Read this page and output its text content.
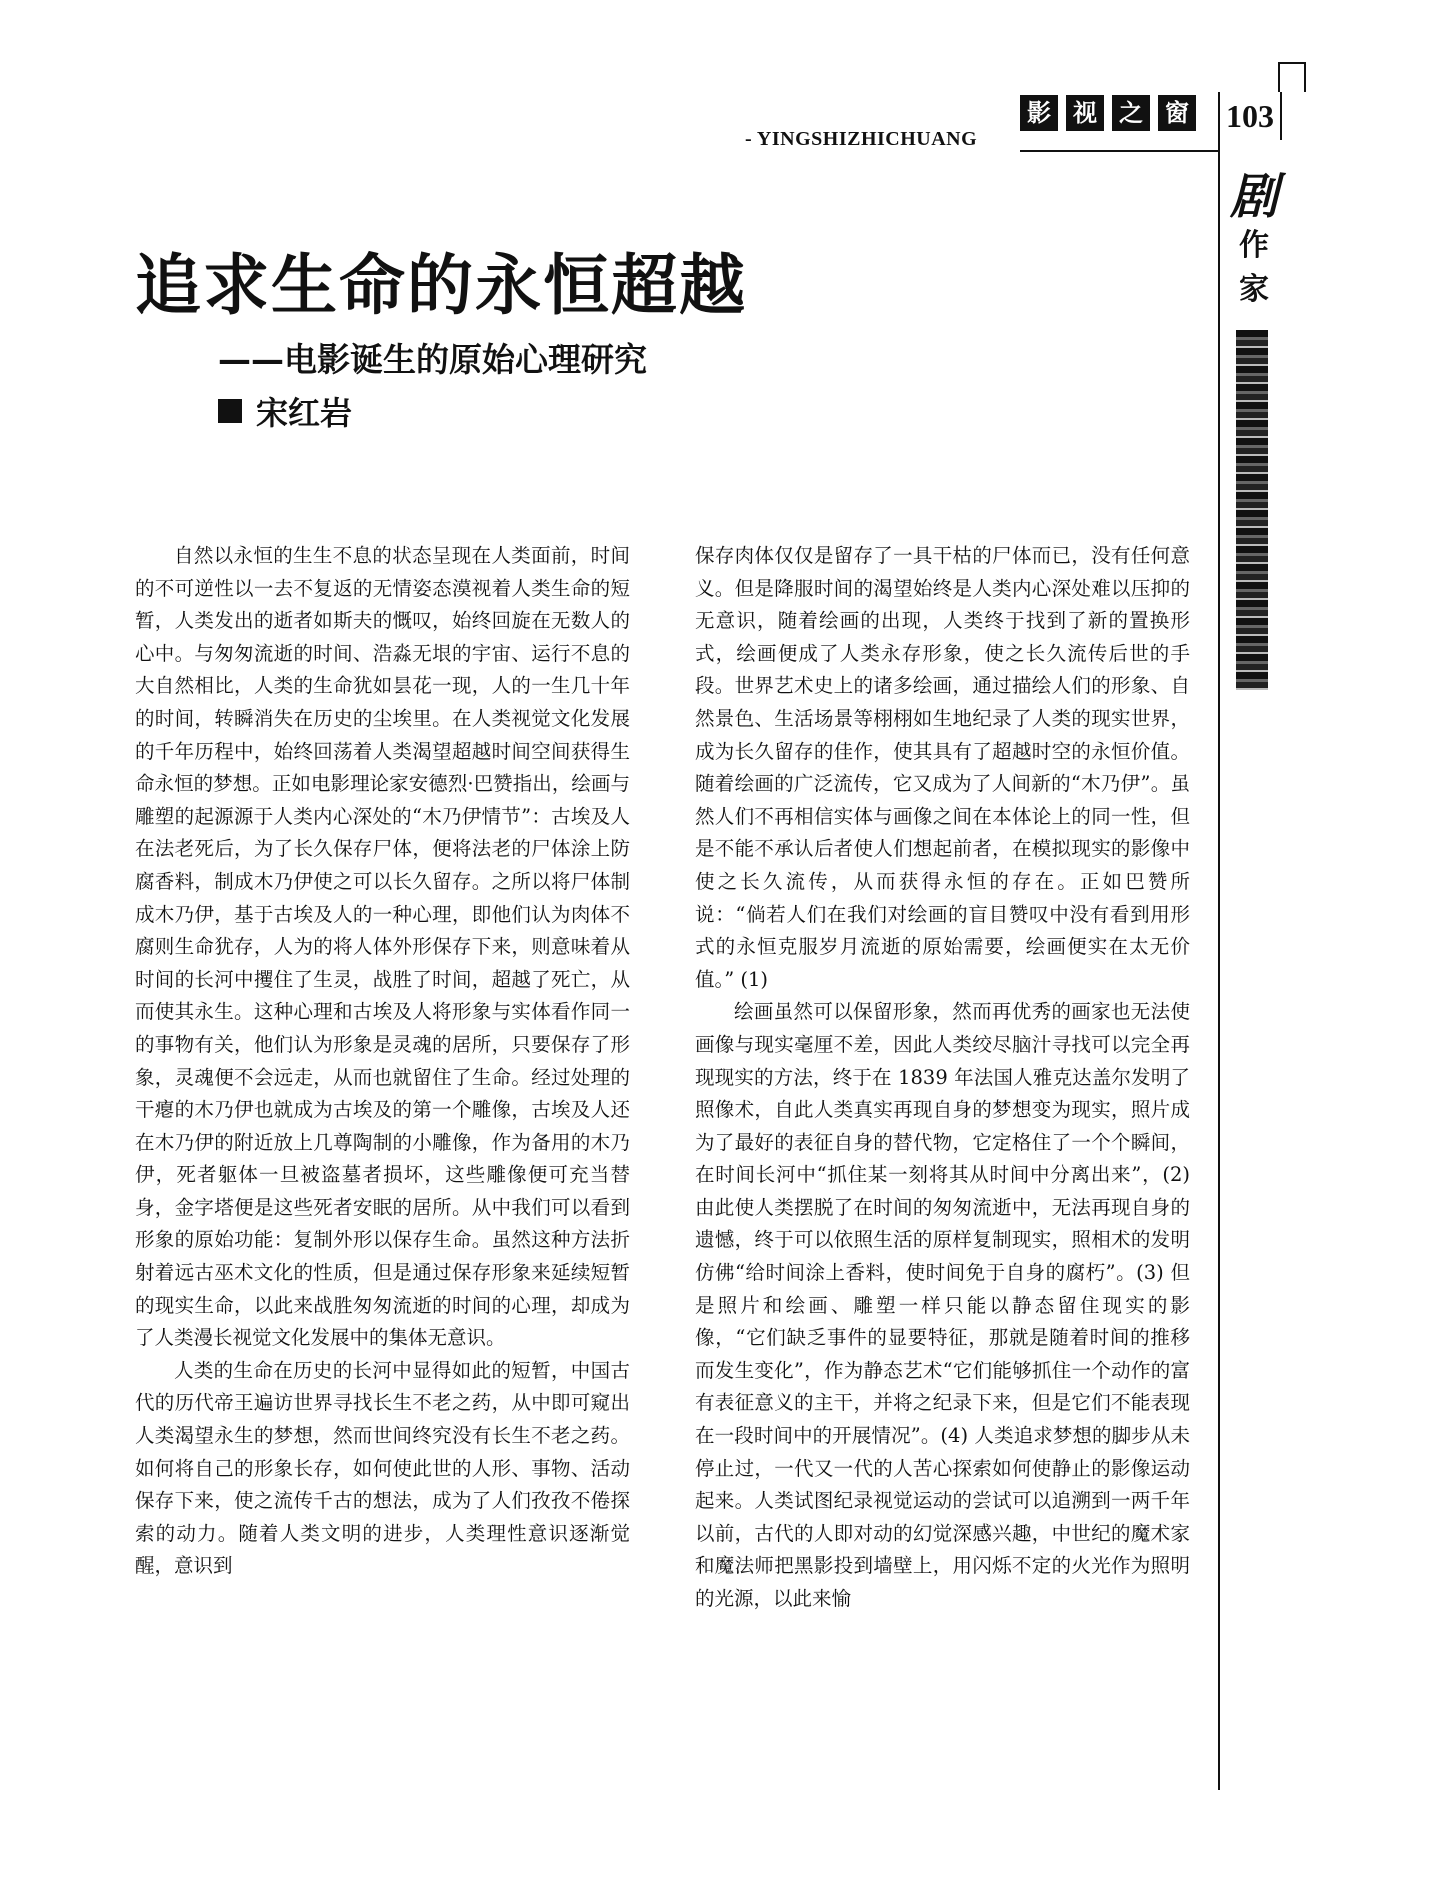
影 视 之 窗
- YINGSHIZHICHUANG
103
剧
作
家
追求生命的永恒超越
——电影诞生的原始心理研究
宋红岩

自然以永恒的生生不息的状态呈现在人类面前，时间的不可逆性以一去不复返的无情姿态漠视着人类生命的短暂，人类发出的逝者如斯夫的慨叹，始终回旋在无数人的心中。与匆匆流逝的时间、浩淼无垠的宇宙、运行不息的大自然相比，人类的生命犹如昙花一现，人的一生几十年的时间，转瞬消失在历史的尘埃里。在人类视觉文化发展的千年历程中，始终回荡着人类渴望超越时间空间获得生命永恒的梦想。正如电影理论家安德烈·巴赞指出，绘画与雕塑的起源源于人类内心深处的“木乃伊情节”：古埃及人在法老死后，为了长久保存尸体，便将法老的尸体涂上防腐香料，制成木乃伊使之可以长久留存。之所以将尸体制成木乃伊，基于古埃及人的一种心理，即他们认为肉体不腐则生命犹存，人为的将人体外形保存下来，则意味着从时间的长河中攫住了生灵，战胜了时间，超越了死亡，从而使其永生。这种心理和古埃及人将形象与实体看作同一的事物有关，他们认为形象是灵魂的居所，只要保存了形象，灵魂便不会远走，从而也就留住了生命。经过处理的干瘪的木乃伊也就成为古埃及的第一个雕像，古埃及人还在木乃伊的附近放上几尊陶制的小雕像，作为备用的木乃伊，死者躯体一旦被盗墓者损坏，这些雕像便可充当替身，金字塔便是这些死者安眠的居所。从中我们可以看到形象的原始功能：复制外形以保存生命。虽然这种方法折射着远古巫术文化的性质，但是通过保存形象来延续短暂的现实生命，以此来战胜匆匆流逝的时间的心理，却成为了人类漫长视觉文化发展中的集体无意识。

人类的生命在历史的长河中显得如此的短暂，中国古代的历代帝王遍访世界寻找长生不老之药，从中即可窥出人类渴望永生的梦想，然而世间终究没有长生不老之药。如何将自己的形象长存，如何使此世的人形、事物、活动保存下来，使之流传千古的想法，成为了人们孜孜不倦探索的动力。随着人类文明的进步，人类理性意识逐渐觉醒，意识到

保存肉体仅仅是留存了一具干枯的尸体而已，没有任何意义。但是降服时间的渴望始终是人类内心深处难以压抑的无意识，随着绘画的出现，人类终于找到了新的置换形式，绘画便成了人类永存形象，使之长久流传后世的手段。世界艺术史上的诸多绘画，通过描绘人们的形象、自然景色、生活场景等栩栩如生地纪录了人类的现实世界，成为长久留存的佳作，使其具有了超越时空的永恒价值。随着绘画的广泛流传，它又成为了人间新的“木乃伊”。虽然人们不再相信实体与画像之间在本体论上的同一性，但是不能不承认后者使人们想起前者，在模拟现实的影像中使之长久流传，从而获得永恒的存在。正如巴赞所说：“倘若人们在我们对绘画的盲目赞叹中没有看到用形式的永恒克服岁月流逝的原始需要，绘画便实在太无价值。” (1)

绘画虽然可以保留形象，然而再优秀的画家也无法使画像与现实毫厘不差，因此人类绞尽脑汁寻找可以完全再现现实的方法，终于在 1839 年法国人雅克达盖尔发明了照像术，自此人类真实再现自身的梦想变为现实，照片成为了最好的表征自身的替代物，它定格住了一个个瞬间，在时间长河中“抓住某一刻将其从时间中分离出来”，(2) 由此使人类摆脱了在时间的匆匆流逝中，无法再现自身的遗憾，终于可以依照生活的原样复制现实，照相术的发明仿佛“给时间涂上香料，使时间免于自身的腐朽”。(3) 但是照片和绘画、雕塑一样只能以静态留住现实的影像，“它们缺乏事件的显要特征，那就是随着时间的推移而发生变化”，作为静态艺术“它们能够抓住一个动作的富有表征意义的主干，并将之纪录下来，但是它们不能表现在一段时间中的开展情况”。(4) 人类追求梦想的脚步从未停止过，一代又一代的人苦心探索如何使静止的影像运动起来。人类试图纪录视觉运动的尝试可以追溯到一两千年以前，古代的人即对动的幻觉深感兴趣，中世纪的魔术家和魔法师把黑影投到墙壁上，用闪烁不定的火光作为照明的光源，以此来愉
